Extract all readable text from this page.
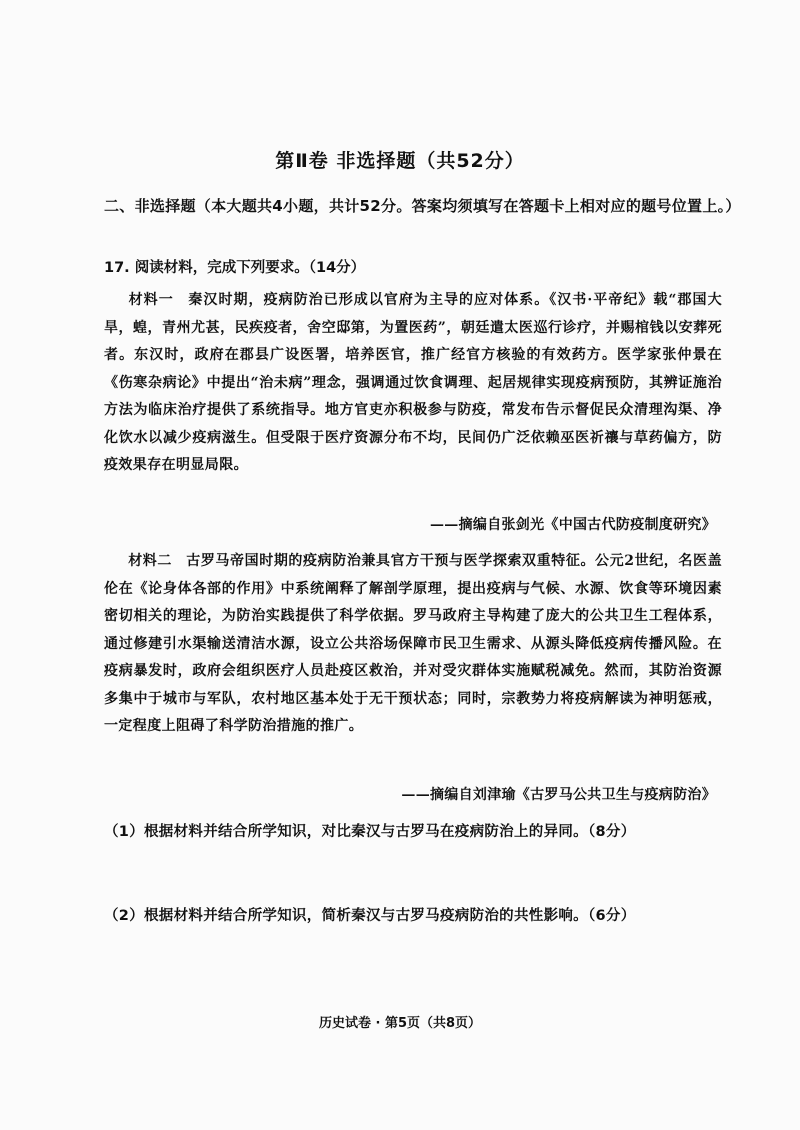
第Ⅱ卷 非选择题（共52分）
二、非选择题（本大题共4小题，共计52分。答案均须填写在答题卡上相对应的题号位置上。）
17. 阅读材料，完成下列要求。（14分）
材料一 秦汉时期，疫病防治已形成以官府为主导的应对体系。《汉书·平帝纪》载“郡国大旱，蝗，青州尤甚，民疾疫者，舍空邸第，为置医药”，朝廷遣太医巡行诊疗，并赐棺钱以安葬死者。东汉时，政府在郡县广设医署，培养医官，推广经官方核验的有效药方。医学家张仲景在《伤寒杂病论》中提出“治未病”理念，强调通过饮食调理、起居规律实现疫病预防，其辨证施治方法为临床治疗提供了系统指导。地方官吏亦积极参与防疫，常发布告示督促民众清理沟渠、净化饮水以减少疫病滋生。但受限于医疗资源分布不均，民间仍广泛依赖巫医祈禳与草药偏方，防疫效果存在明显局限。
——摘编自张剑光《中国古代防疫制度研究》
材料二 古罗马帝国时期的疫病防治兼具官方干预与医学探索双重特征。公元2世纪，名医盖伦在《论身体各部的作用》中系统阐释了解剖学原理，提出疫病与气候、水源、饮食等环境因素密切相关的理论，为防治实践提供了科学依据。罗马政府主导构建了庞大的公共卫生工程体系，通过修建引水渠输送清洁水源，设立公共浴场保障市民卫生需求、从源头降低疫病传播风险。在疫病暴发时，政府会组织医疗人员赴疫区救治，并对受灾群体实施赋税减免。然而，其防治资源多集中于城市与军队，农村地区基本处于无干预状态；同时，宗教势力将疫病解读为神明惩戒，一定程度上阻碍了科学防治措施的推广。
——摘编自刘津瑜《古罗马公共卫生与疫病防治》
（1）根据材料并结合所学知识，对比秦汉与古罗马在疫病防治上的异同。（8分）
（2）根据材料并结合所学知识，简析秦汉与古罗马疫病防治的共性影响。（6分）
历史试卷 · 第5页（共8页）
